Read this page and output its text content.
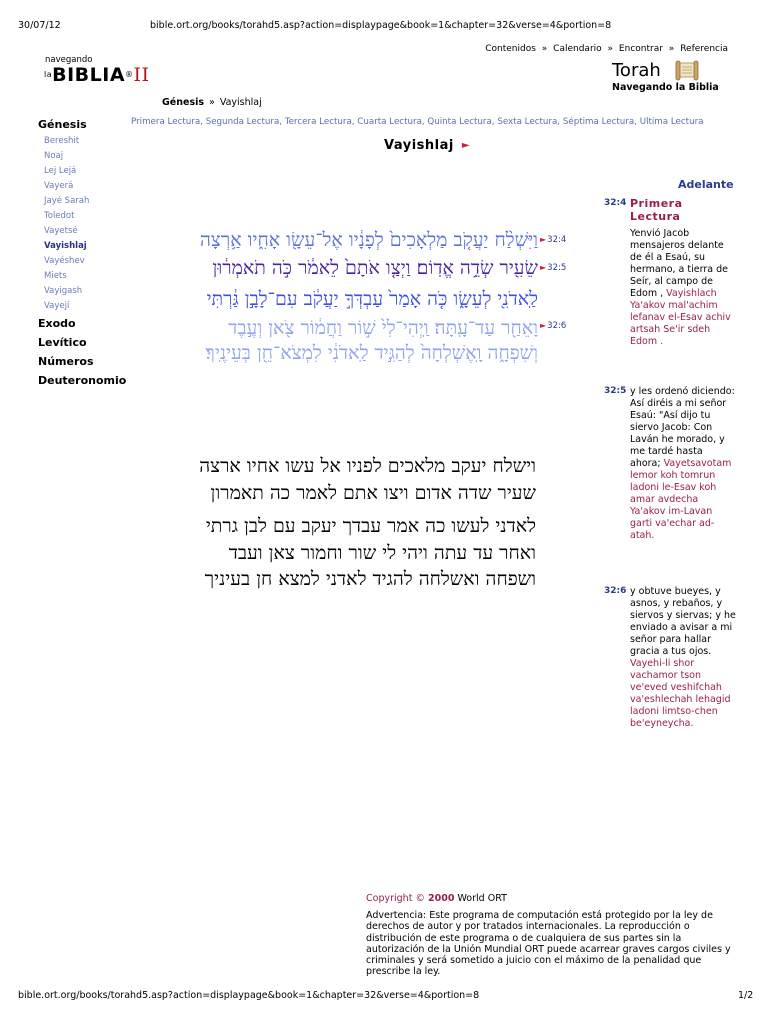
30/07/12	bible.ort.org/books/torahd5.asp?action=displaypage&book=1&chapter=32&verse=4&portion=8
Contenidos » Calendario » Encontrar » Referencia
navegando
$^{la}$BIBLIA®II	Torah
Navegando la Biblia
Génesis » Vayishlaj
Génesis
Bereshit
Noaj
Lej Lejá
Vayerá
Jayé Sarah
Toledot
Vayetsé
Vayishlaj
Vayéshev
Miets
Vayigash
Vayejí
Exodo
Levítico
Números
Deuteronomio
Primera Lectura, Segunda Lectura, Tercera Lectura, Cuarta Lectura, Quinta Lectura, Sexta Lectura, Séptima Lectura, Ultima Lectura
Vayishlaj ►
Adelante
וַיִּשְׁלַ֨ח יַעֲקֹ֤ב מַלְאָכִים֙ לְפָנָ֔יו אֶל־עֵשָׂ֖ו אָחִ֑יו אַ֥רְצָה
שֵׂעִ֖יר שְׂדֵ֥ה אֱדֽוֹם׃ וַיְצַ֤ו אֹתָם֙ לֵאמֹ֔ר כֹּ֣ה תֹאמְר֔וּן
לַֽאדֹנִ֖י לְעֵשָׂ֑ו כֹּ֤ה אָמַר֙ עַבְדְּךָ֣ יַעֲקֹ֔ב עִם־לָבָ֣ן גַּ֔רְתִּי
וָאֵחַ֖ר עַד־עָֽתָּה׃ וַֽיְהִי־לִי֙ שׁ֣וֹר וַחֲמ֔וֹר צֹ֖אן וְעֶ֣בֶד
וְשִׁפְחָ֑ה וָֽאֶשְׁלְחָה֙ לְהַגִּ֣יד לַֽאדֹנִ֔י לִמְצֹא־חֵ֖ן בְּעֵינֶֽיךָ׃
►32:4
►32:5
►32:6
וישלח יעקב מלאכים לפניו אל עשו אחיו ארצה
שעיר שדה אדום ויצו אתם לאמר כה תאמרון
לאדני לעשו כה אמר עבדך יעקב עם לבן גרתי
ואחר עד עתה ויהי לי שור וחמור צאן ועבד
ושפחה ואשלחה להגיד לאדני למצא חן בעיניך
32:4 Primera Lectura
Yenvió Jacob mensajeros delante de él a Esaú, su hermano, a tierra de Seír, al campo de Edom , Vayishlach Ya'akov mal'achim lefanav el-Esav achiv artsah Se'ir sdeh Edom .
32:5 y les ordenó diciendo: Así diréis a mi señor Esaú: "Así dijo tu siervo Jacob: Con Laván he morado, y me tardé hasta ahora; Vayetsavotam lemor koh tomrun ladoni le-Esav koh amar avdecha Ya'akov im-Lavan garti va'echar ad-atah.
32:6 y obtuve bueyes, y asnos, y rebaños, y siervos y siervas; y he enviado a avisar a mi señor para hallar gracia a tus ojos. Vayehi-li shor vachamor tson ve'eved veshifchah va'eshlechah lehagid ladoni limtso-chen be'eyneycha.
Copyright © 2000 World ORT
Advertencia: Este programa de computación está protegido por la ley de derechos de autor y por tratados internacionales. La reproducción o distribución de este programa o de cualquiera de sus partes sin la autorización de la Unión Mundial ORT puede acarrear graves cargos civiles y criminales y será sometido a juicio con el máximo de la penalidad que prescribe la ley.
bible.ort.org/books/torahd5.asp?action=displaypage&book=1&chapter=32&verse=4&portion=8	1/2
